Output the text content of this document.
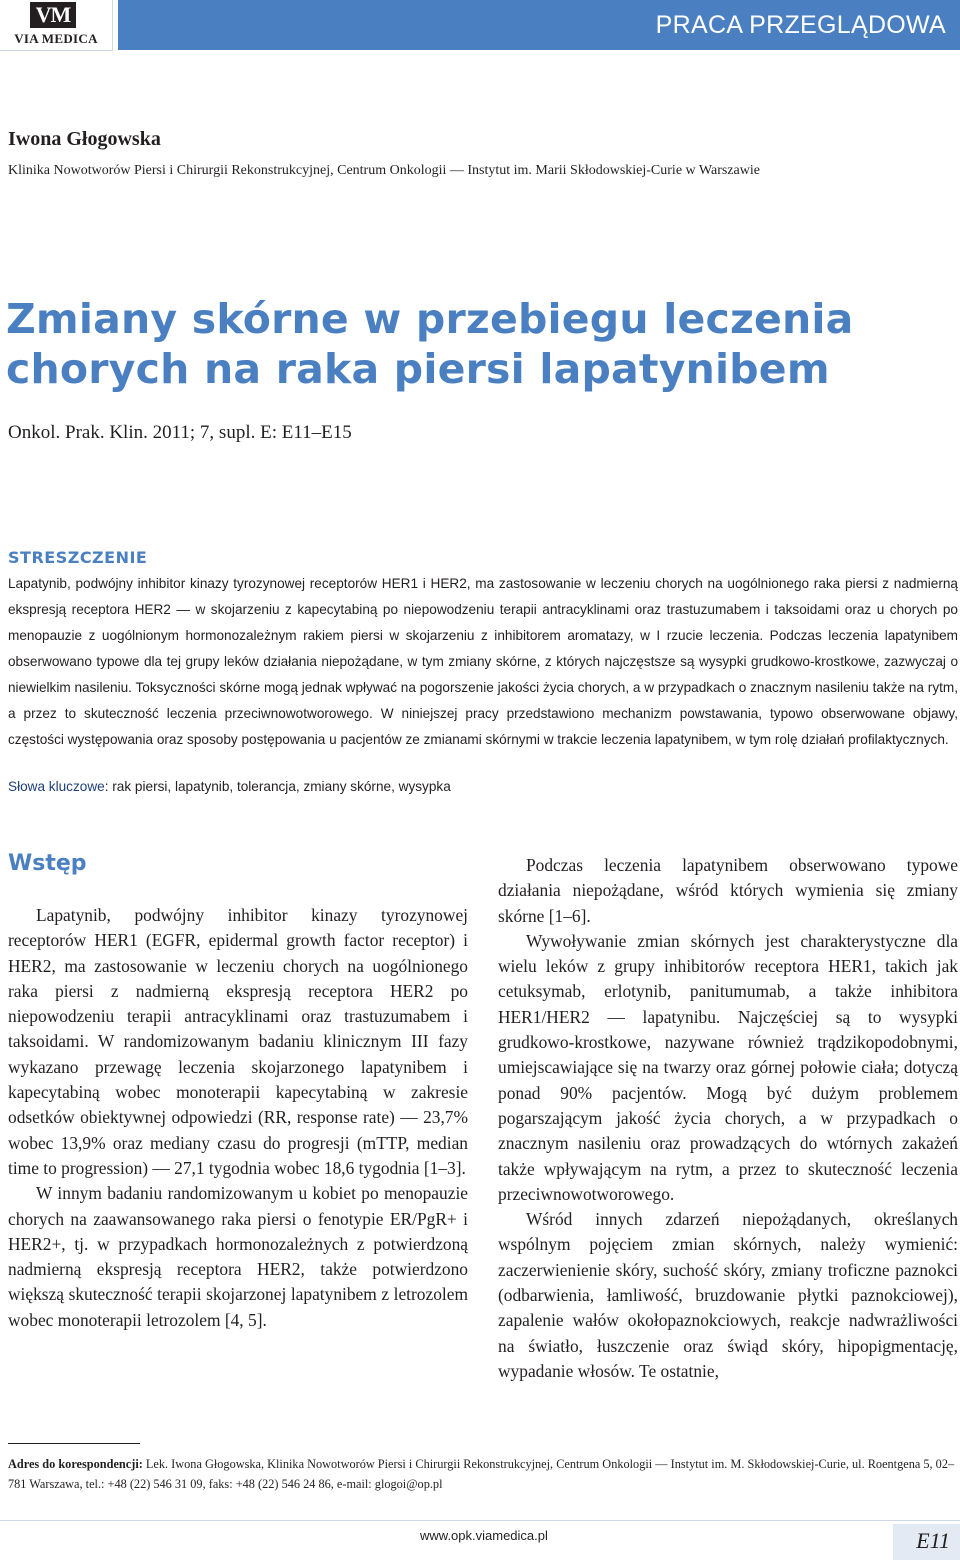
VM
VIA MEDICA	PRACA PRZEGLĄDOWA
Iwona Głogowska
Klinika Nowotworów Piersi i Chirurgii Rekonstrukcyjnej, Centrum Onkologii — Instytut im. Marii Skłodowskiej-Curie w Warszawie
Zmiany skórne w przebiegu leczenia chorych na raka piersi lapatynibem
Onkol. Prak. Klin. 2011; 7, supl. E: E11–E15
STRESZCZENIE

Lapatynib, podwójny inhibitor kinazy tyrozynowej receptorów HER1 i HER2, ma zastosowanie w leczeniu chorych na uogólnionego raka piersi z nadmierną ekspresją receptora HER2 — w skojarzeniu z kapecytabiną po niepowodzeniu terapii antracyklinami oraz trastuzumabem i taksoidami oraz u chorych po menopauzie z uogólnionym hormonozależnym rakiem piersi w skojarzeniu z inhibitorem aromatazy, w I rzucie leczenia. Podczas leczenia lapatynibem obserwowano typowe dla tej grupy leków działania niepożądane, w tym zmiany skórne, z których najczęstsze są wysypki grudkowo-krostkowe, zazwyczaj o niewielkim nasileniu. Toksyczności skórne mogą jednak wpływać na pogorszenie jakości życia chorych, a w przypadkach o znacznym nasileniu także na rytm, a przez to skuteczność leczenia przeciwnowotworowego. W niniejszej pracy przedstawiono mechanizm powstawania, typowo obserwowane objawy, częstości występowania oraz sposoby postępowania u pacjentów ze zmianami skórnymi w trakcie leczenia lapatynibem, w tym rolę działań profilaktycznych.

Słowa kluczowe: rak piersi, lapatynib, tolerancja, zmiany skórne, wysypka
Wstęp

Lapatynib, podwójny inhibitor kinazy tyrozynowej receptorów HER1 (EGFR, epidermal growth factor receptor) i HER2, ma zastosowanie w leczeniu chorych na uogólnionego raka piersi z nadmierną ekspresją receptora HER2 po niepowodzeniu terapii antracyklinami oraz trastuzumabem i taksoidami. W randomizowanym badaniu klinicznym III fazy wykazano przewagę leczenia skojarzonego lapatynibem i kapecytabiną wobec monoterapii kapecytabiną w zakresie odsetków obiektywnej odpowiedzi (RR, response rate) — 23,7% wobec 13,9% oraz mediany czasu do progresji (mTTP, median time to progression) — 27,1 tygodnia wobec 18,6 tygodnia [1–3].

W innym badaniu randomizowanym u kobiet po menopauzie chorych na zaawansowanego raka piersi o fenotypie ER/PgR+ i HER2+, tj. w przypadkach hormonozależnych z potwierdzoną nadmierną ekspresją receptora HER2, także potwierdzono większą skuteczność terapii skojarzonej lapatynibem z letrozolem wobec monoterapii letrozolem [4, 5].

Podczas leczenia lapatynibem obserwowano typowe działania niepożądane, wśród których wymienia się zmiany skórne [1–6].

Wywoływanie zmian skórnych jest charakterystyczne dla wielu leków z grupy inhibitorów receptora HER1, takich jak cetuksymab, erlotynib, panitumumab, a także inhibitora HER1/HER2 — lapatynibu. Najczęściej są to wysypki grudkowo-krostkowe, nazywane również trądzikopodobnymi, umiejscawiające się na twarzy oraz górnej połowie ciała; dotyczą ponad 90% pacjentów. Mogą być dużym problemem pogarszającym jakość życia chorych, a w przypadkach o znacznym nasileniu oraz prowadzących do wtórnych zakażeń także wpływającym na rytm, a przez to skuteczność leczenia przeciwnowotworowego.

Wśród innych zdarzeń niepożądanych, określanych wspólnym pojęciem zmian skórnych, należy wymienić: zaczerwienienie skóry, suchość skóry, zmiany troficzne paznokci (odbarwienia, łamliwość, bruzdowanie płytki paznokciowej), zapalenie wałów okołopaznokciowych, reakcje nadwrażliwości na światło, łuszczenie oraz świąd skóry, hipopigmentację, wypadanie włosów. Te ostatnie,

Adres do korespondencji: Lek. Iwona Głogowska, Klinika Nowotworów Piersi i Chirurgii Rekonstrukcyjnej, Centrum Onkologii — Instytut im. M. Skłodowskiej-Curie, ul. Roentgena 5, 02–781 Warszawa, tel.: +48 (22) 546 31 09, faks: +48 (22) 546 24 86, e-mail: glogoi@op.pl
www.opk.viamedica.pl	E11
